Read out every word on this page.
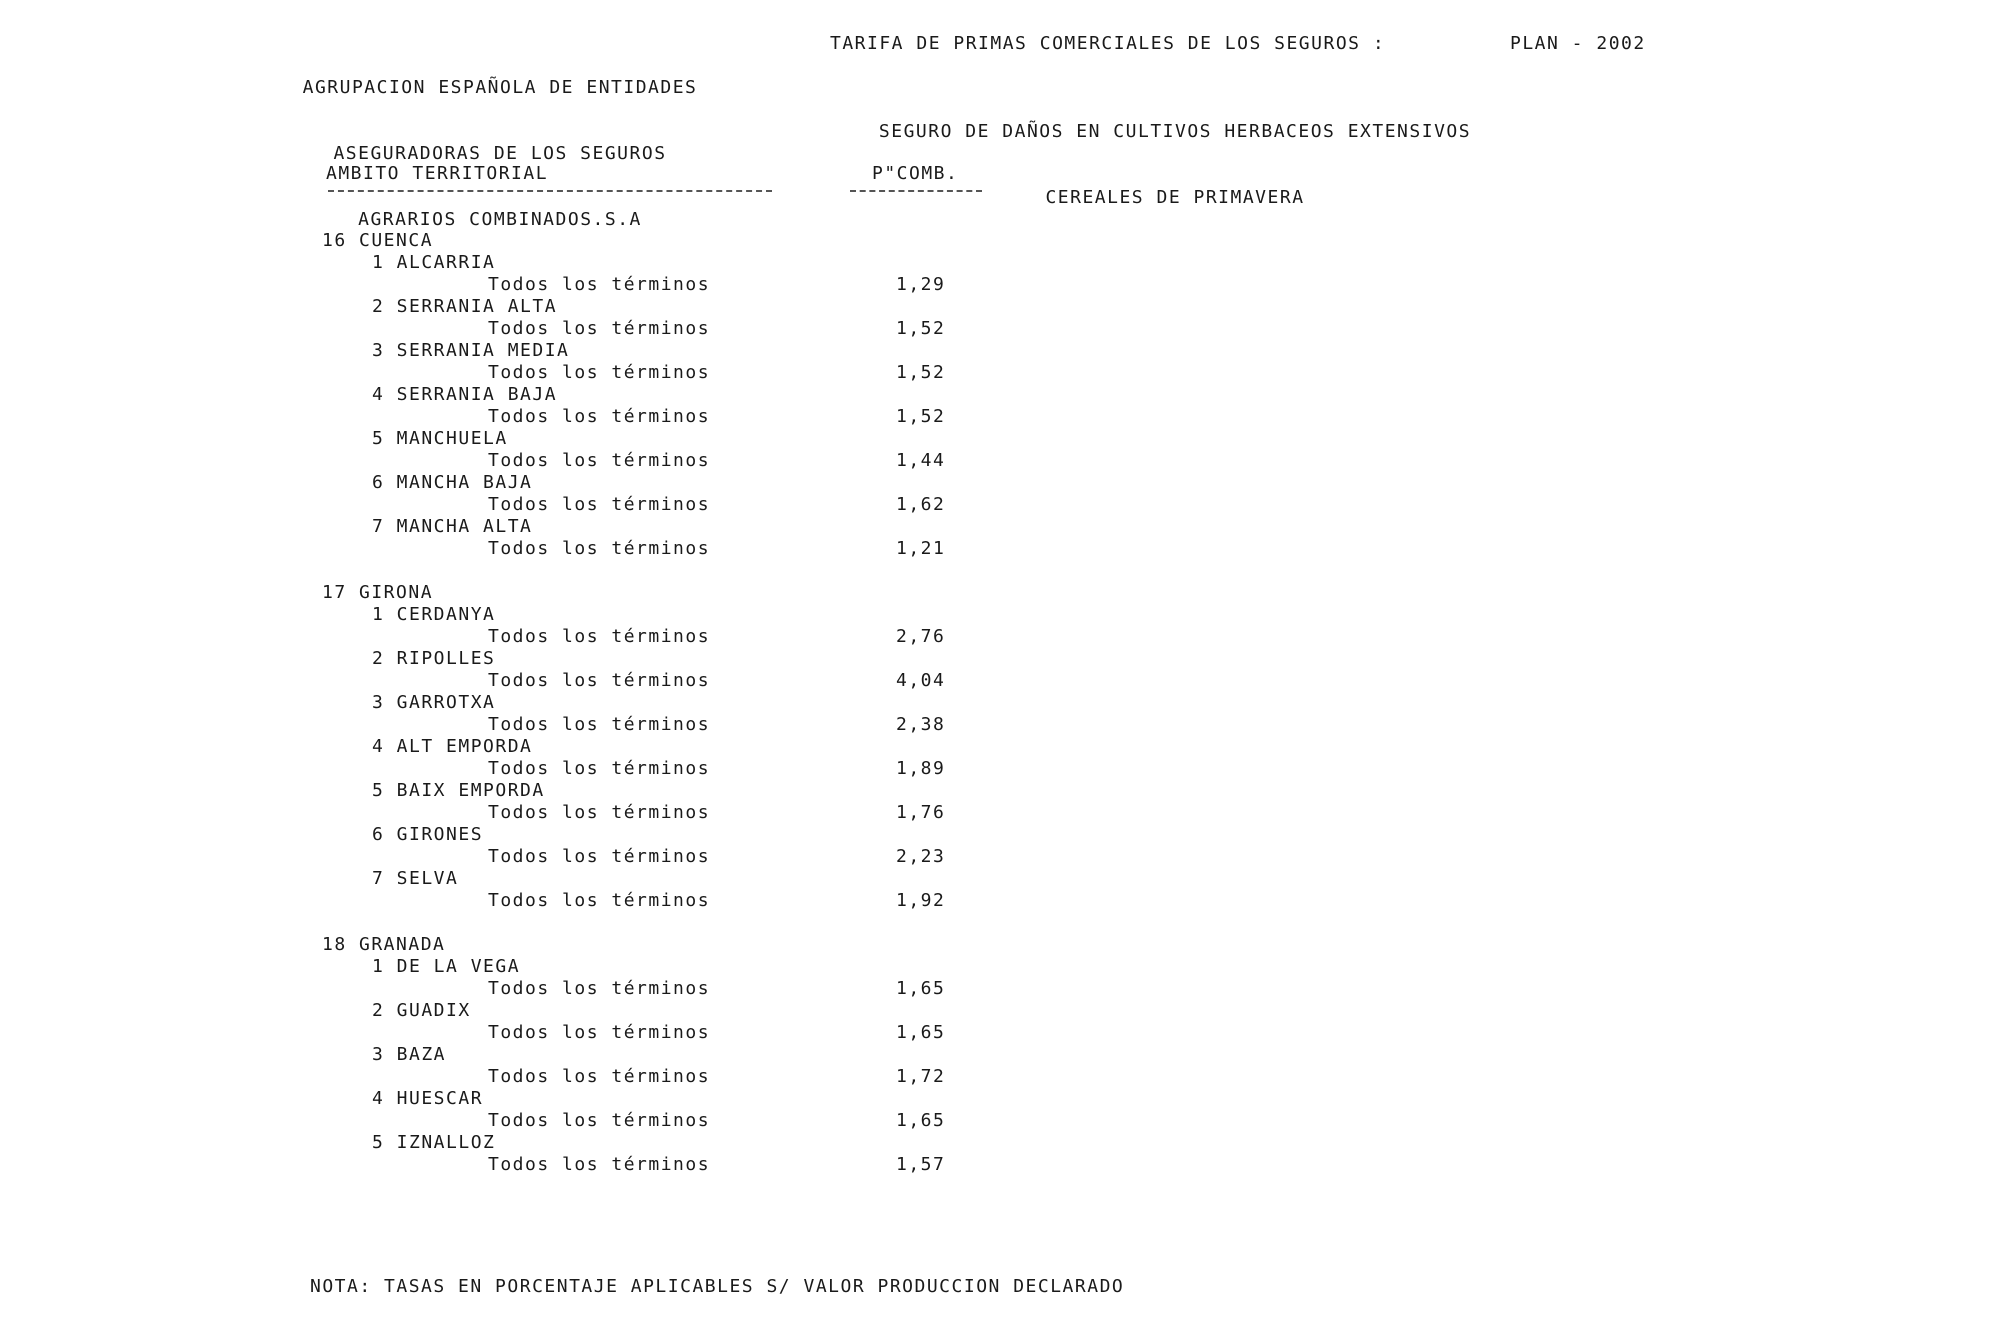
AGRUPACION ESPAÑOLA DE ENTIDADES

ASEGURADORAS DE LOS SEGUROS

AGRARIOS COMBINADOS.S.A

TARIFA DE PRIMAS COMERCIALES DE LOS SEGUROS :	PLAN - 2002

SEGURO DE DAÑOS EN CULTIVOS HERBACEOS EXTENSIVOS

CEREALES DE PRIMAVERA

AMBITO TERRITORIAL	P"COMB.
16 CUENCA
1 ALCARRIA
Todos los términos	1,29
2 SERRANIA ALTA
Todos los términos	1,52
3 SERRANIA MEDIA
Todos los términos	1,52
4 SERRANIA BAJA
Todos los términos	1,52
5 MANCHUELA
Todos los términos	1,44
6 MANCHA BAJA
Todos los términos	1,62
7 MANCHA ALTA
Todos los términos	1,21
17 GIRONA
1 CERDANYA
Todos los términos	2,76
2 RIPOLLES
Todos los términos	4,04
3 GARROTXA
Todos los términos	2,38
4 ALT EMPORDA
Todos los términos	1,89
5 BAIX EMPORDA
Todos los términos	1,76
6 GIRONES
Todos los términos	2,23
7 SELVA
Todos los términos	1,92
18 GRANADA
1 DE LA VEGA
Todos los términos	1,65
2 GUADIX
Todos los términos	1,65
3 BAZA
Todos los términos	1,72
4 HUESCAR
Todos los términos	1,65
5 IZNALLOZ
Todos los términos	1,57
NOTA: TASAS EN PORCENTAJE APLICABLES S/ VALOR PRODUCCION DECLARADO
